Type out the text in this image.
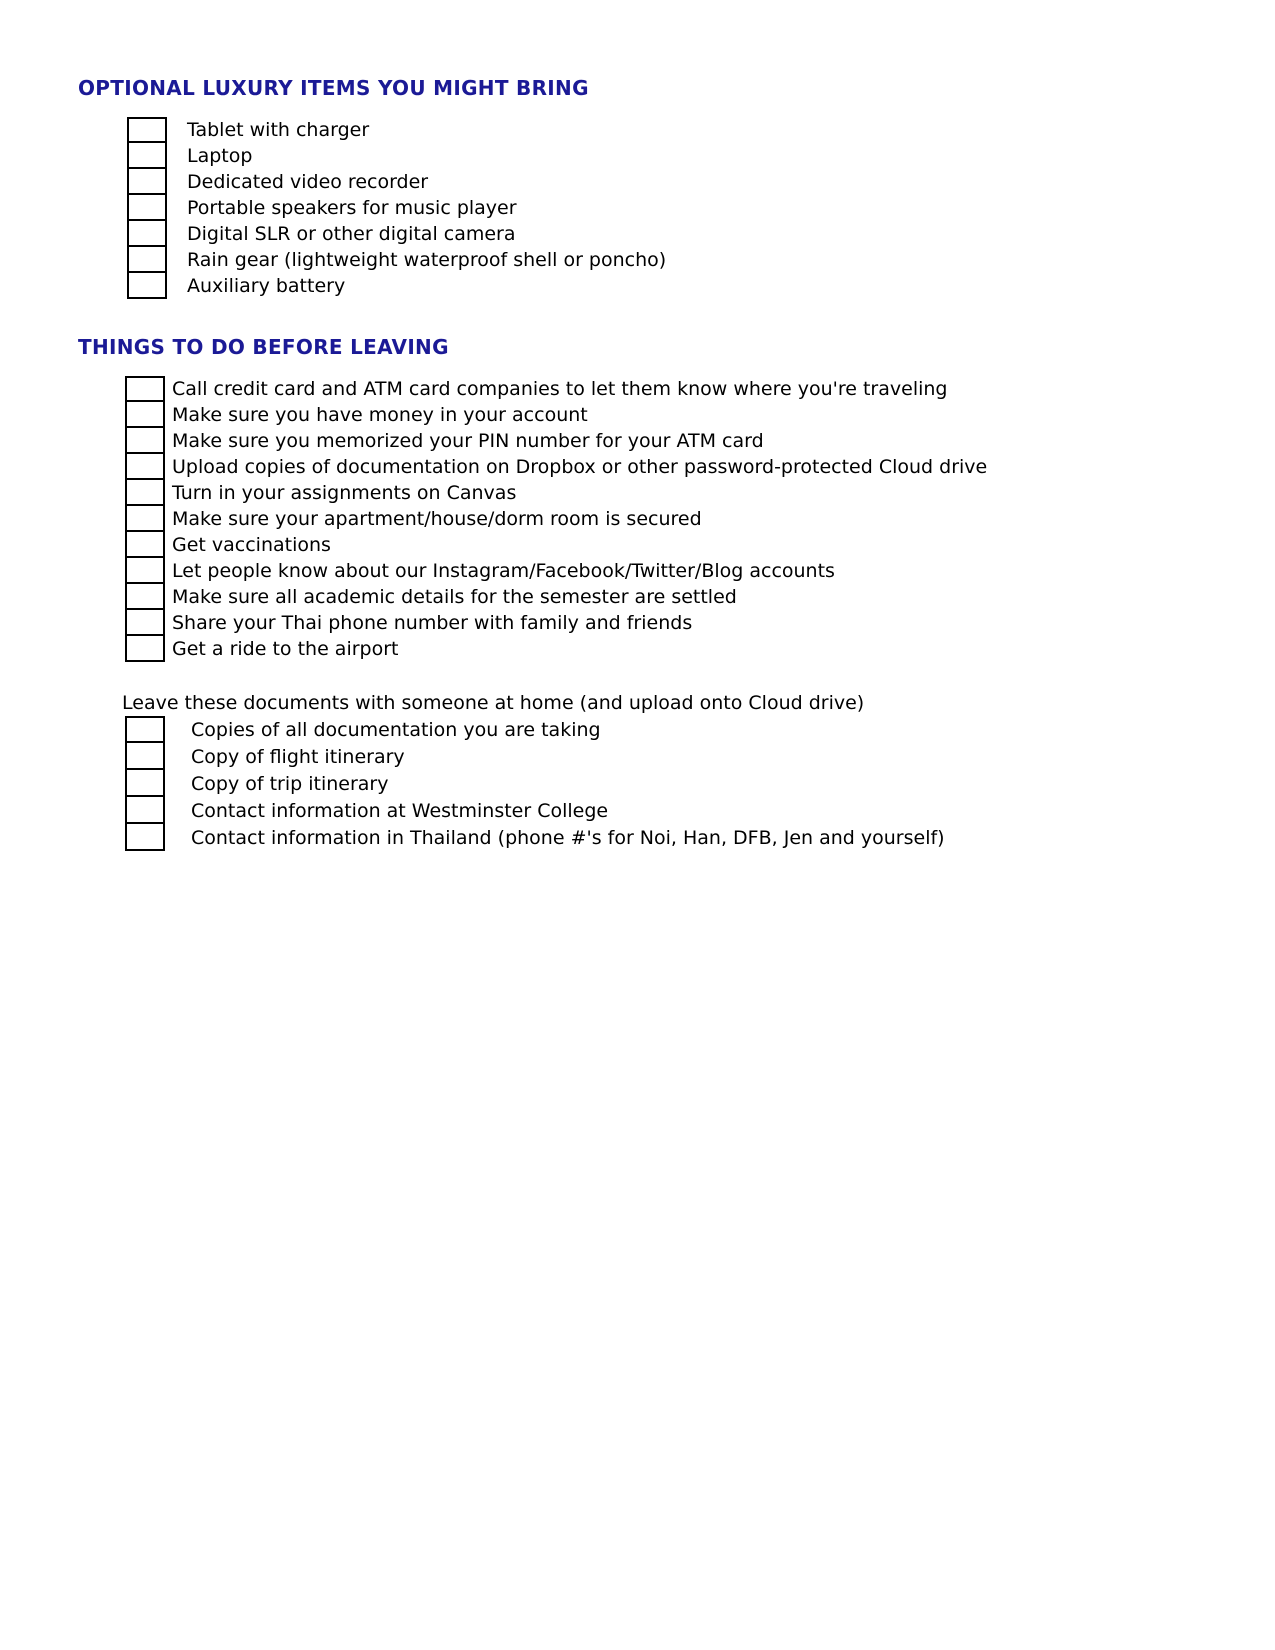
OPTIONAL LUXURY ITEMS YOU MIGHT BRING
Tablet with charger
Laptop
Dedicated video recorder
Portable speakers for music player
Digital SLR or other digital camera
Rain gear (lightweight waterproof shell or poncho)
Auxiliary battery
THINGS TO DO BEFORE LEAVING
Call credit card and ATM card companies to let them know where you're traveling
Make sure you have money in your account
Make sure you memorized your PIN number for your ATM card
Upload copies of documentation on Dropbox or other password-protected Cloud drive
Turn in your assignments on Canvas
Make sure your apartment/house/dorm room is secured
Get vaccinations
Let people know about our Instagram/Facebook/Twitter/Blog accounts
Make sure all academic details for the semester are settled
Share your Thai phone number with family and friends
Get a ride to the airport
Leave these documents with someone at home (and upload onto Cloud drive)
Copies of all documentation you are taking
Copy of flight itinerary
Copy of trip itinerary
Contact information at Westminster College
Contact information in Thailand (phone #'s for Noi, Han, DFB, Jen and yourself)
